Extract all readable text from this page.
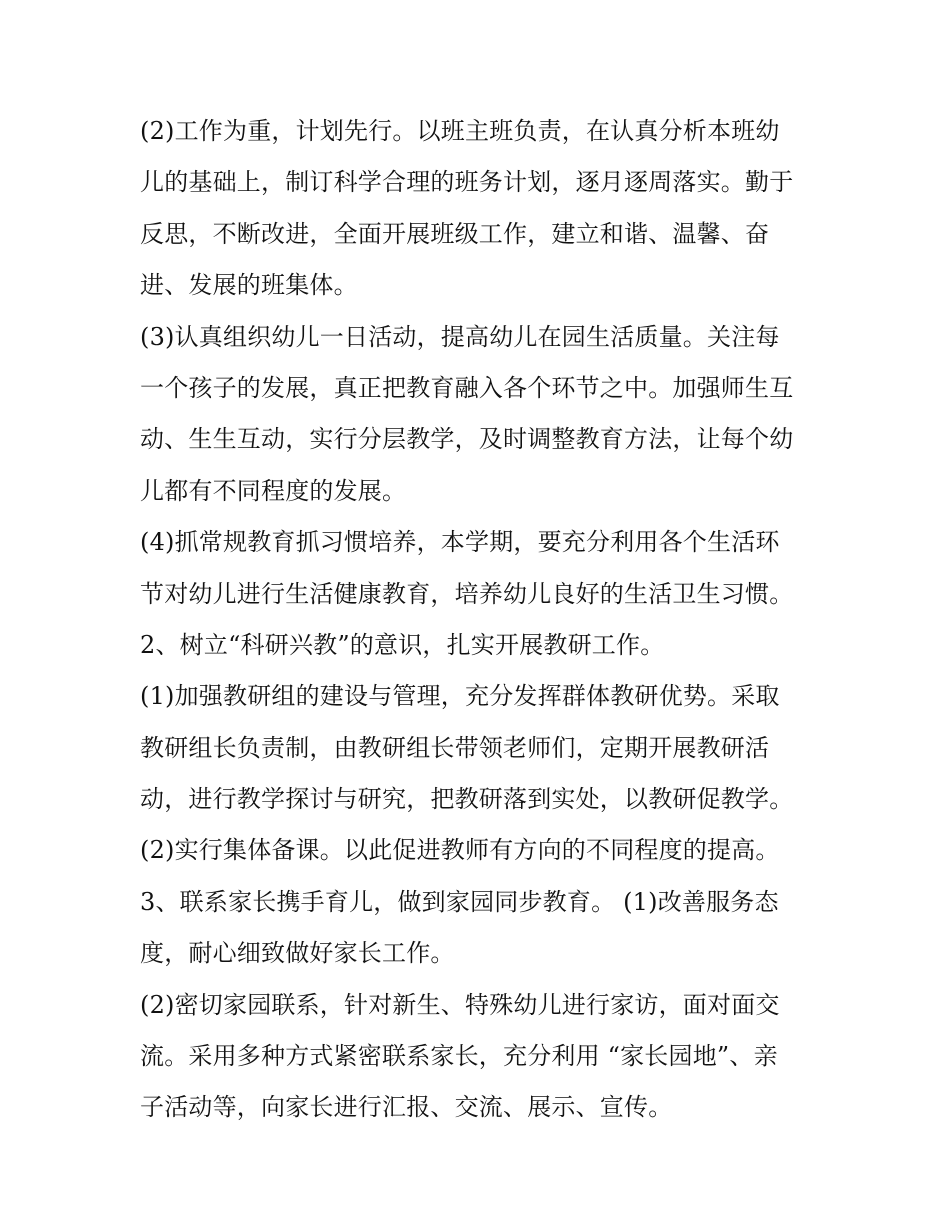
(2)工作为重，计划先行。以班主班负责，在认真分析本班幼
儿的基础上，制订科学合理的班务计划，逐月逐周落实。勤于
反思，不断改进，全面开展班级工作，建立和谐、温馨、奋
进、发展的班集体。
(3)认真组织幼儿一日活动，提高幼儿在园生活质量。关注每
一个孩子的发展，真正把教育融入各个环节之中。加强师生互
动、生生互动，实行分层教学，及时调整教育方法，让每个幼
儿都有不同程度的发展。
(4)抓常规教育抓习惯培养，本学期，要充分利用各个生活环
节对幼儿进行生活健康教育，培养幼儿良好的生活卫生习惯。
2、树立“科研兴教”的意识，扎实开展教研工作。
(1)加强教研组的建设与管理，充分发挥群体教研优势。采取
教研组长负责制，由教研组长带领老师们，定期开展教研活
动，进行教学探讨与研究，把教研落到实处，以教研促教学。
(2)实行集体备课。以此促进教师有方向的不同程度的提高。
3、联系家长携手育儿，做到家园同步教育。 (1)改善服务态
度，耐心细致做好家长工作。
(2)密切家园联系，针对新生、特殊幼儿进行家访，面对面交
流。采用多种方式紧密联系家长，充分利用 “家长园地”、亲
子活动等，向家长进行汇报、交流、展示、宣传。
